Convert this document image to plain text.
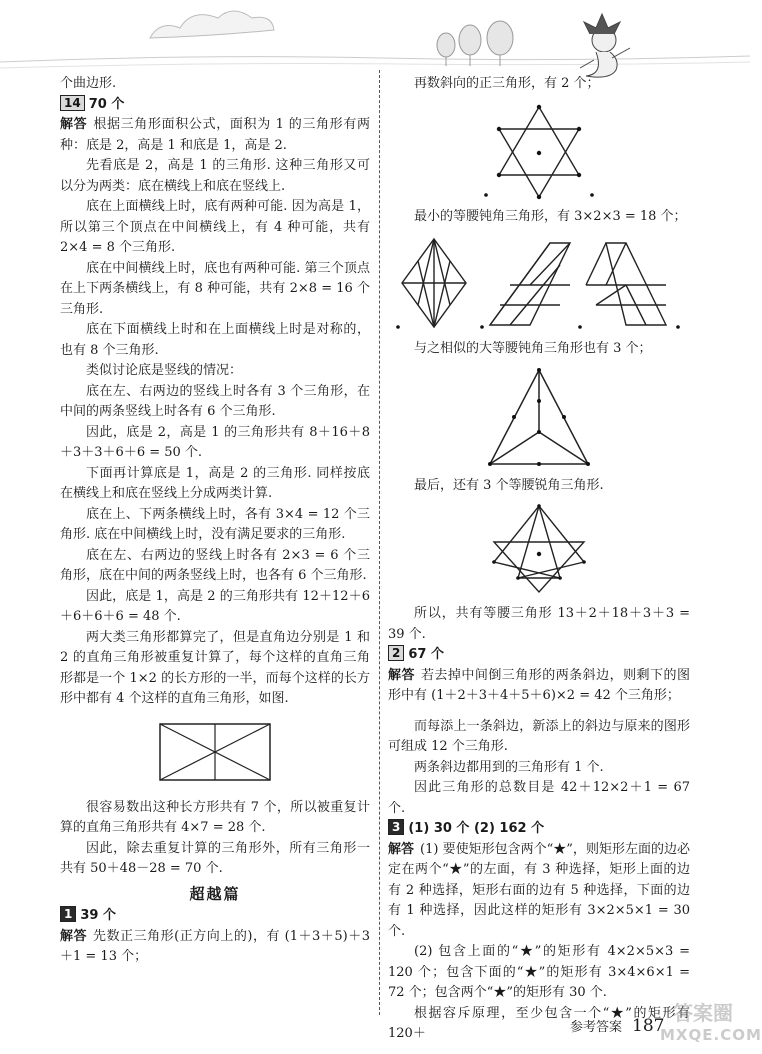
个曲边形.

14 70 个

解答 根据三角形面积公式，面积为 1 的三角形有两种：底是 2，高是 1 和底是 1，高是 2.

先看底是 2，高是 1 的三角形. 这种三角形又可以分为两类：底在横线上和底在竖线上.

底在上面横线上时，底有两种可能. 因为高是 1，所以第三个顶点在中间横线上，有 4 种可能，共有 2×4 = 8 个三角形.

底在中间横线上时，底也有两种可能. 第三个顶点在上下两条横线上，有 8 种可能，共有 2×8 = 16 个三角形.

底在下面横线上时和在上面横线上时是对称的，也有 8 个三角形.

类似讨论底是竖线的情况：

底在左、右两边的竖线上时各有 3 个三角形，在中间的两条竖线上时各有 6 个三角形.

因此，底是 2，高是 1 的三角形共有 8＋16＋8＋3＋3＋6＋6 = 50 个.

下面再计算底是 1，高是 2 的三角形. 同样按底在横线上和底在竖线上分成两类计算.

底在上、下两条横线上时，各有 3×4 = 12 个三角形. 底在中间横线上时，没有满足要求的三角形.

底在左、右两边的竖线上时各有 2×3 = 6 个三角形，底在中间的两条竖线上时，也各有 6 个三角形.

因此，底是 1，高是 2 的三角形共有 12＋12＋6＋6＋6＋6 = 48 个.

两大类三角形都算完了，但是直角边分别是 1 和 2 的直角三角形被重复计算了，每个这样的直角三角形都是一个 1×2 的长方形的一半，而每个这样的长方形中都有 4 个这样的直角三角形，如图.

很容易数出这种长方形共有 7 个，所以被重复计算的直角三角形共有 4×7 = 28 个.

因此，除去重复计算的三角形外，所有三角形一共有 50＋48－28 = 70 个.

超越篇

1 39 个

解答 先数正三角形(正方向上的)，有 (1＋3＋5)＋3＋1 = 13 个；

再数斜向的正三角形，有 2 个；

最小的等腰钝角三角形，有 3×2×3 = 18 个；

与之相似的大等腰钝角三角形也有 3 个；

最后，还有 3 个等腰锐角三角形.

所以，共有等腰三角形 13＋2＋18＋3＋3 = 39 个.

2 67 个

解答 若去掉中间倒三角形的两条斜边，则剩下的图形中有 (1＋2＋3＋4＋5＋6)×2 = 42 个三角形；

而每添上一条斜边，新添上的斜边与原来的图形可组成 12 个三角形.

两条斜边都用到的三角形有 1 个.

因此三角形的总数目是 42＋12×2＋1 = 67 个.

3 (1) 30 个 (2) 162 个

解答 (1) 要使矩形包含两个“★”，则矩形左面的边必定在两个“★”的左面，有 3 种选择，矩形上面的边有 2 种选择，矩形右面的边有 5 种选择，下面的边有 1 种选择，因此这样的矩形有 3×2×5×1 = 30 个.

(2) 包含上面的“★”的矩形有 4×2×5×3 = 120 个；包含下面的“★”的矩形有 3×4×6×1 = 72 个；包含两个“★”的矩形有 30 个.

根据容斥原理，至少包含一个“★”的矩形有 120＋	参考答案 187
答案圈
MXQE.COM
